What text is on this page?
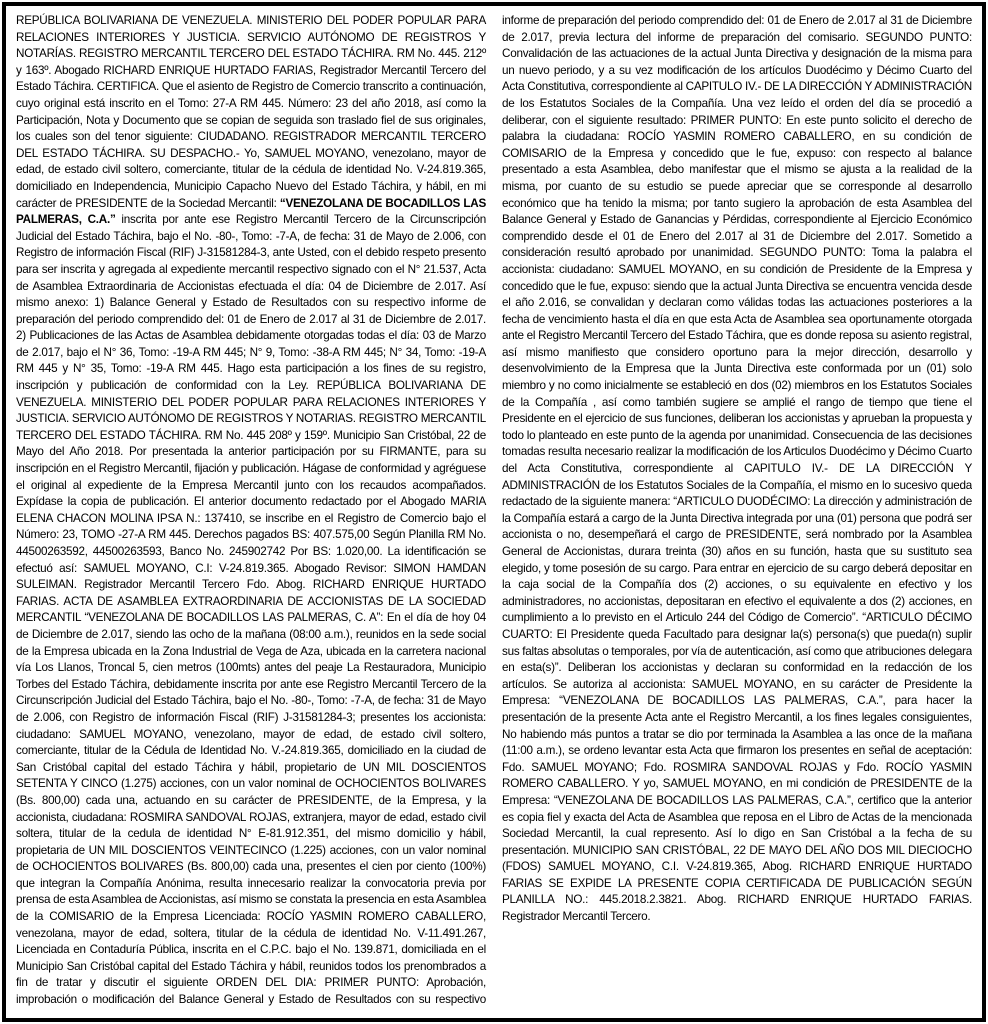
REPÚBLICA BOLIVARIANA DE VENEZUELA. MINISTERIO DEL PODER POPULAR PARA RELACIONES INTERIORES Y JUSTICIA. SERVICIO AUTÓNOMO DE REGISTROS Y NOTARÍAS. REGISTRO MERCANTIL TERCERO DEL ESTADO TÁCHIRA. RM No. 445. 212º y 163º. Abogado RICHARD ENRIQUE HURTADO FARIAS, Registrador Mercantil Tercero del Estado Táchira. CERTIFICA. Que el asiento de Registro de Comercio transcrito a continuación, cuyo original está inscrito en el Tomo: 27-A RM 445. Número: 23 del año 2018, así como la Participación, Nota y Documento que se copian de seguida son traslado fiel de sus originales, los cuales son del tenor siguiente: CIUDADANO. REGISTRADOR MERCANTIL TERCERO DEL ESTADO TÁCHIRA. SU DESPACHO.- Yo, SAMUEL MOYANO, venezolano, mayor de edad, de estado civil soltero, comerciante, titular de la cédula de identidad No. V-24.819.365, domiciliado en Independencia, Municipio Capacho Nuevo del Estado Táchira, y hábil, en mi carácter de PRESIDENTE de la Sociedad Mercantil: “VENEZOLANA DE BOCADILLOS LAS PALMERAS, C.A.” inscrita por ante ese Registro Mercantil Tercero de la Circunscripción Judicial del Estado Táchira, bajo el No. -80-, Tomo: -7-A, de fecha: 31 de Mayo de 2.006, con Registro de información Fiscal (RIF) J-31581284-3, ante Usted, con el debido respeto presento para ser inscrita y agregada al expediente mercantil respectivo signado con el N° 21.537, Acta de Asamblea Extraordinaria de Accionistas efectuada el día: 04 de Diciembre de 2.017. Así mismo anexo: 1) Balance General y Estado de Resultados con su respectivo informe de preparación del periodo comprendido del: 01 de Enero de 2.017 al 31 de Diciembre de 2.017. 2) Publicaciones de las Actas de Asamblea debidamente otorgadas todas el día: 03 de Marzo de 2.017, bajo el N° 36, Tomo: -19-A RM 445; N° 9, Tomo: -38-A RM 445; N° 34, Tomo: -19-A RM 445 y N° 35, Tomo: -19-A RM 445. Hago esta participación a los fines de su registro, inscripción y publicación de conformidad con la Ley. REPÚBLICA BOLIVARIANA DE VENEZUELA. MINISTERIO DEL PODER POPULAR PARA RELACIONES INTERIORES Y JUSTICIA. SERVICIO AUTÓNOMO DE REGISTROS Y NOTARIAS. REGISTRO MERCANTIL TERCERO DEL ESTADO TÁCHIRA. RM No. 445 208º y 159º. Municipio San Cristóbal, 22 de Mayo del Año 2018. Por presentada la anterior participación por su FIRMANTE, para su inscripción en el Registro Mercantil, fijación y publicación. Hágase de conformidad y agréguese el original al expediente de la Empresa Mercantil junto con los recaudos acompañados. Expídase la copia de publicación. El anterior documento redactado por el Abogado MARIA ELENA CHACON MOLINA IPSA N.: 137410, se inscribe en el Registro de Comercio bajo el Número: 23, TOMO -27-A RM 445. Derechos pagados BS: 407.575,00 Según Planilla RM No. 44500263592, 44500263593, Banco No. 245902742 Por BS: 1.020,00. La identificación se efectuó así: SAMUEL MOYANO, C.I: V-24.819.365. Abogado Revisor: SIMON HAMDAN SULEIMAN. Registrador Mercantil Tercero Fdo. Abog. RICHARD ENRIQUE HURTADO FARIAS. ACTA DE ASAMBLEA EXTRAORDINARIA DE ACCIONISTAS DE LA SOCIEDAD MERCANTIL “VENEZOLANA DE BOCADILLOS LAS PALMERAS, C. A”: En el día de hoy 04 de Diciembre de 2.017, siendo las ocho de la mañana (08:00 a.m.), reunidos en la sede social de la Empresa ubicada en la Zona Industrial de Vega de Aza, ubicada en la carretera nacional vía Los Llanos, Troncal 5, cien metros (100mts) antes del peaje La Restauradora, Municipio Torbes del Estado Táchira, debidamente inscrita por ante ese Registro Mercantil Tercero de la Circunscripción Judicial del Estado Táchira, bajo el No. -80-, Tomo: -7-A, de fecha: 31 de Mayo de 2.006, con Registro de información Fiscal (RIF) J-31581284-3; presentes los accionista: ciudadano: SAMUEL MOYANO, venezolano, mayor de edad, de estado civil soltero, comerciante, titular de la Cédula de Identidad No. V.-24.819.365, domiciliado en la ciudad de San Cristóbal capital del estado Táchira y hábil, propietario de UN MIL DOSCIENTOS SETENTA Y CINCO (1.275) acciones, con un valor nominal de OCHOCIENTOS BOLIVARES (Bs. 800,00) cada una, actuando en su carácter de PRESIDENTE, de la Empresa, y la accionista, ciudadana: ROSMIRA SANDOVAL ROJAS, extranjera, mayor de edad, estado civil soltera, titular de la cedula de identidad N° E-81.912.351, del mismo domicilio y hábil, propietaria de UN MIL DOSCIENTOS VEINTECINCO (1.225) acciones, con un valor nominal de OCHOCIENTOS BOLIVARES (Bs. 800,00) cada una, presentes el cien por ciento (100%) que integran la Compañía Anónima, resulta innecesario realizar la convocatoria previa por prensa de esta Asamblea de Accionistas, así mismo se constata la presencia en esta Asamblea de la COMISARIO de la Empresa Licenciada: ROCÍO YASMIN ROMERO CABALLERO, venezolana, mayor de edad, soltera, titular de la cédula de identidad No. V-11.491.267, Licenciada en Contaduría Pública, inscrita en el C.P.C. bajo el No. 139.871, domiciliada en el Municipio San Cristóbal capital del Estado Táchira y hábil, reunidos todos los prenombrados a fin de tratar y discutir el siguiente ORDEN DEL DIA: PRIMER PUNTO: Aprobación, improbación o modificación del Balance General y Estado de Resultados con su respectivo informe de preparación del periodo comprendido del: 01 de Enero de 2.017 al 31 de Diciembre de 2.017, previa lectura del informe de preparación del comisario. SEGUNDO PUNTO: Convalidación de las actuaciones de la actual Junta Directiva y designación de la misma para un nuevo periodo, y a su vez modificación de los artículos Duodécimo y Décimo Cuarto del Acta Constitutiva, correspondiente al CAPITULO IV.- DE LA DIRECCIÓN Y ADMINISTRACIÓN de los Estatutos Sociales de la Compañía. Una vez leído el orden del día se procedió a deliberar, con el siguiente resultado: PRIMER PUNTO: En este punto solicito el derecho de palabra la ciudadana: ROCÍO YASMIN ROMERO CABALLERO, en su condición de COMISARIO de la Empresa y concedido que le fue, expuso: con respecto al balance presentado a esta Asamblea, debo manifestar que el mismo se ajusta a la realidad de la misma, por cuanto de su estudio se puede apreciar que se corresponde al desarrollo económico que ha tenido la misma; por tanto sugiero la aprobación de esta Asamblea del Balance General y Estado de Ganancias y Pérdidas, correspondiente al Ejercicio Económico comprendido desde el 01 de Enero del 2.017 al 31 de Diciembre del 2.017. Sometido a consideración resultó aprobado por unanimidad. SEGUNDO PUNTO: Toma la palabra el accionista: ciudadano: SAMUEL MOYANO, en su condición de Presidente de la Empresa y concedido que le fue, expuso: siendo que la actual Junta Directiva se encuentra vencida desde el año 2.016, se convalidan y declaran como válidas todas las actuaciones posteriores a la fecha de vencimiento hasta el día en que esta Acta de Asamblea sea oportunamente otorgada ante el Registro Mercantil Tercero del Estado Táchira, que es donde reposa su asiento registral, así mismo manifiesto que considero oportuno para la mejor dirección, desarrollo y desenvolvimiento de la Empresa que la Junta Directiva este conformada por un (01) solo miembro y no como inicialmente se estableció en dos (02) miembros en los Estatutos Sociales de la Compañía , así como también sugiere se amplié el rango de tiempo que tiene el Presidente en el ejercicio de sus funciones, deliberan los accionistas y aprueban la propuesta y todo lo planteado en este punto de la agenda por unanimidad. Consecuencia de las decisiones tomadas resulta necesario realizar la modificación de los Articulos Duodécimo y Décimo Cuarto del Acta Constitutiva, correspondiente al CAPITULO IV.- DE LA DIRECCIÓN Y ADMINISTRACIÓN de los Estatutos Sociales de la Compañía, el mismo en lo sucesivo queda redactado de la siguiente manera: “ARTICULO DUODÉCIMO: La dirección y administración de la Compañía estará a cargo de la Junta Directiva integrada por una (01) persona que podrá ser accionista o no, desempeñará el cargo de PRESIDENTE, será nombrado por la Asamblea General de Accionistas, durara treinta (30) años en su función, hasta que su sustituto sea elegido, y tome posesión de su cargo. Para entrar en ejercicio de su cargo deberá depositar en la caja social de la Compañía dos (2) acciones, o su equivalente en efectivo y los administradores, no accionistas, depositaran en efectivo el equivalente a dos (2) acciones, en cumplimiento a lo previsto en el Articulo 244 del Código de Comercio”. “ARTICULO DÉCIMO CUARTO: El Presidente queda Facultado para designar la(s) persona(s) que pueda(n) suplir sus faltas absolutas o temporales, por vía de autenticación, así como que atribuciones delegara en esta(s)”. Deliberan los accionistas y declaran su conformidad en la redacción de los artículos. Se autoriza al accionista: SAMUEL MOYANO, en su carácter de Presidente la Empresa: “VENEZOLANA DE BOCADILLOS LAS PALMERAS, C.A.”, para hacer la presentación de la presente Acta ante el Registro Mercantil, a los fines legales consiguientes, No habiendo más puntos a tratar se dio por terminada la Asamblea a las once de la mañana (11:00 a.m.), se ordeno levantar esta Acta que firmaron los presentes en señal de aceptación: Fdo. SAMUEL MOYANO; Fdo. ROSMIRA SANDOVAL ROJAS y Fdo. ROCÍO YASMIN ROMERO CABALLERO. Y yo, SAMUEL MOYANO, en mi condición de PRESIDENTE de la Empresa: “VENEZOLANA DE BOCADILLOS LAS PALMERAS, C.A.”, certifico que la anterior es copia fiel y exacta del Acta de Asamblea que reposa en el Libro de Actas de la mencionada Sociedad Mercantil, la cual represento. Así lo digo en San Cristóbal a la fecha de su presentación. MUNICIPIO SAN CRISTÓBAL, 22 DE MAYO DEL AÑO DOS MIL DIECIOCHO (FDOS) SAMUEL MOYANO, C.I. V-24.819.365, Abog. RICHARD ENRIQUE HURTADO FARIAS SE EXPIDE LA PRESENTE COPIA CERTIFICADA DE PUBLICACIÓN SEGÚN PLANILLA NO.: 445.2018.2.3821. Abog. RICHARD ENRIQUE HURTADO FARIAS. Registrador Mercantil Tercero.
